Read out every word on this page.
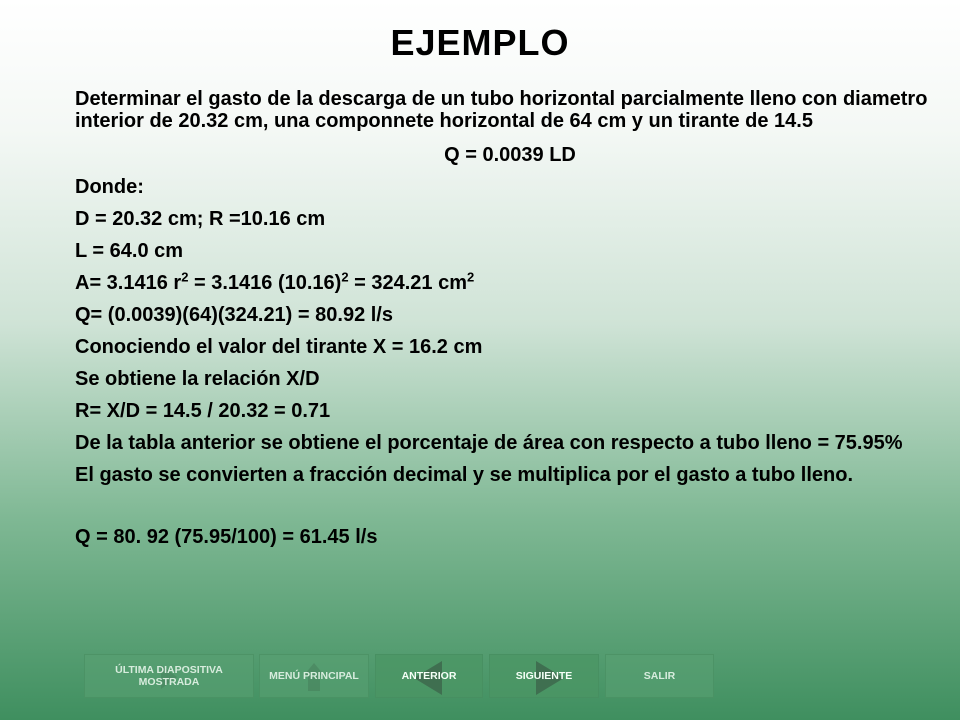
EJEMPLO

Determinar el gasto de la descarga de un tubo horizontal parcialmente lleno con diametro interior de 20.32 cm, una componnete horizontal de 64 cm y un tirante de 14.5

Q = 0.0039 LD

Donde:

D = 20.32 cm; R =10.16 cm

L = 64.0 cm

A= 3.1416 $r^2 = 3.1416$ $(10.16)^2 = 324.21$ $cm^2$

Q= (0.0039)(64)(324.21) = 80.92 l/s

Conociendo el valor del tirante X = 16.2 cm

Se obtiene la relación X/D

R= X/D = 14.5 / 20.32 = 0.71

De la tabla anterior se obtiene el porcentaje de área con respecto a tubo lleno = 75.95%

El gasto se convierten a fracción decimal y se multiplica por el gasto a tubo lleno.

Q = 80. 92 (75.95/100) = 61.45 l/s

ÚLTIMA DIAPOSITIVA MOSTRADA	MENÚ PRINCIPAL	ANTERIOR	SIGUIENTE	SALIR
